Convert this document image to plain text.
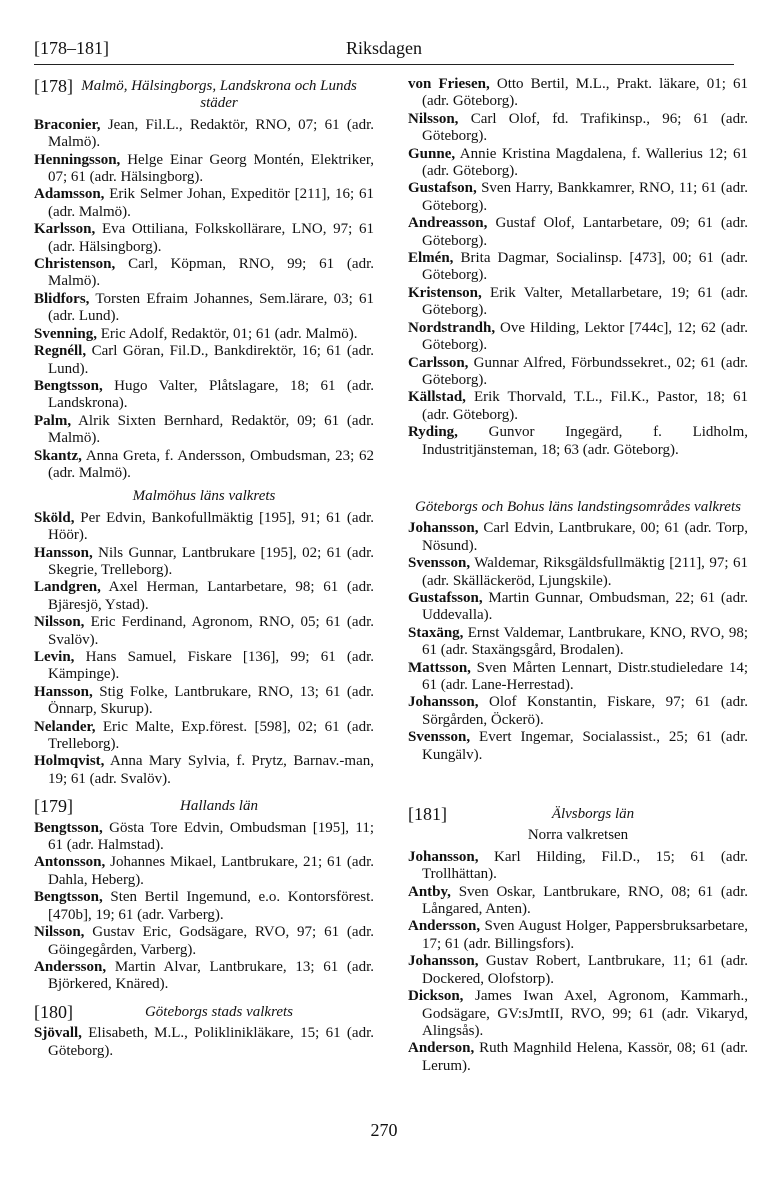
[178–181]	Riksdagen
[178] Malmö, Hälsingborgs, Landskrona och Lunds städer
Braconier, Jean, Fil.L., Redaktör, RNO, 07; 61 (adr. Malmö).
Henningsson, Helge Einar Georg Montén, Elektriker, 07; 61 (adr. Hälsingborg).
Adamsson, Erik Selmer Johan, Expeditör [211], 16; 61 (adr. Malmö).
Karlsson, Eva Ottiliana, Folkskollärare, LNO, 97; 61 (adr. Hälsingborg).
Christenson, Carl, Köpman, RNO, 99; 61 (adr. Malmö).
Blidfors, Torsten Efraim Johannes, Sem.lärare, 03; 61 (adr. Lund).
Svenning, Eric Adolf, Redaktör, 01; 61 (adr. Malmö).
Regnéll, Carl Göran, Fil.D., Bankdirektör, 16; 61 (adr. Lund).
Bengtsson, Hugo Valter, Plåtslagare, 18; 61 (adr. Landskrona).
Palm, Alrik Sixten Bernhard, Redaktör, 09; 61 (adr. Malmö).
Skantz, Anna Greta, f. Andersson, Ombudsman, 23; 62 (adr. Malmö).
Malmöhus läns valkrets
Sköld, Per Edvin, Bankofullmäktig [195], 91; 61 (adr. Höör).
Hansson, Nils Gunnar, Lantbrukare [195], 02; 61 (adr. Skegrie, Trelleborg).
Landgren, Axel Herman, Lantarbetare, 98; 61 (adr. Bjäresjö, Ystad).
Nilsson, Eric Ferdinand, Agronom, RNO, 05; 61 (adr. Svalöv).
Levin, Hans Samuel, Fiskare [136], 99; 61 (adr. Kämpinge).
Hansson, Stig Folke, Lantbrukare, RNO, 13; 61 (adr. Önnarp, Skurup).
Nelander, Eric Malte, Exp.förest. [598], 02; 61 (adr. Trelleborg).
Holmqvist, Anna Mary Sylvia, f. Prytz, Barnav.-man, 19; 61 (adr. Svalöv).
[179]	Hallands län
Bengtsson, Gösta Tore Edvin, Ombudsman [195], 11; 61 (adr. Halmstad).
Antonsson, Johannes Mikael, Lantbrukare, 21; 61 (adr. Dahla, Heberg).
Bengtsson, Sten Bertil Ingemund, e.o. Kontorsförest. [470b], 19; 61 (adr. Varberg).
Nilsson, Gustav Eric, Godsägare, RVO, 97; 61 (adr. Göingegården, Varberg).
Andersson, Martin Alvar, Lantbrukare, 13; 61 (adr. Björkered, Knäred).
[180]	Göteborgs stads valkrets
Sjövall, Elisabeth, M.L., Poliklinikläkare, 15; 61 (adr. Göteborg).
von Friesen, Otto Bertil, M.L., Prakt. läkare, 01; 61 (adr. Göteborg).
Nilsson, Carl Olof, fd. Trafikinsp., 96; 61 (adr. Göteborg).
Gunne, Annie Kristina Magdalena, f. Wallerius 12; 61 (adr. Göteborg).
Gustafson, Sven Harry, Bankkamrer, RNO, 11; 61 (adr. Göteborg).
Andreasson, Gustaf Olof, Lantarbetare, 09; 61 (adr. Göteborg).
Elmén, Brita Dagmar, Socialinsp. [473], 00; 61 (adr. Göteborg).
Kristenson, Erik Valter, Metallarbetare, 19; 61 (adr. Göteborg).
Nordstrandh, Ove Hilding, Lektor [744c], 12; 62 (adr. Göteborg).
Carlsson, Gunnar Alfred, Förbundssekret., 02; 61 (adr. Göteborg).
Källstad, Erik Thorvald, T.L., Fil.K., Pastor, 18; 61 (adr. Göteborg).
Ryding, Gunvor Ingegärd, f. Lidholm, Industritjänsteman, 18; 63 (adr. Göteborg).
Göteborgs och Bohus läns landstingsområdes valkrets
Johansson, Carl Edvin, Lantbrukare, 00; 61 (adr. Torp, Nösund).
Svensson, Waldemar, Riksgäldsfullmäktig [211], 97; 61 (adr. Skälläckeröd, Ljungskile).
Gustafsson, Martin Gunnar, Ombudsman, 22; 61 (adr. Uddevalla).
Staxäng, Ernst Valdemar, Lantbrukare, KNO, RVO, 98; 61 (adr. Staxängsgård, Brodalen).
Mattsson, Sven Mårten Lennart, Distr.studieledare 14; 61 (adr. Lane-Herrestad).
Johansson, Olof Konstantin, Fiskare, 97; 61 (adr. Sörgården, Öckerö).
Svensson, Evert Ingemar, Socialassist., 25; 61 (adr. Kungälv).
[181]	Älvsborgs län
Norra valkretsen
Johansson, Karl Hilding, Fil.D., 15; 61 (adr. Trollhättan).
Antby, Sven Oskar, Lantbrukare, RNO, 08; 61 (adr. Långared, Anten).
Andersson, Sven August Holger, Pappersbruksarbetare, 17; 61 (adr. Billingsfors).
Johansson, Gustav Robert, Lantbrukare, 11; 61 (adr. Dockered, Olofstorp).
Dickson, James Iwan Axel, Agronom, Kammarh., Godsägare, GV:sJmtII, RVO, 99; 61 (adr. Vikaryd, Alingsås).
Anderson, Ruth Magnhild Helena, Kassör, 08; 61 (adr. Lerum).
270
